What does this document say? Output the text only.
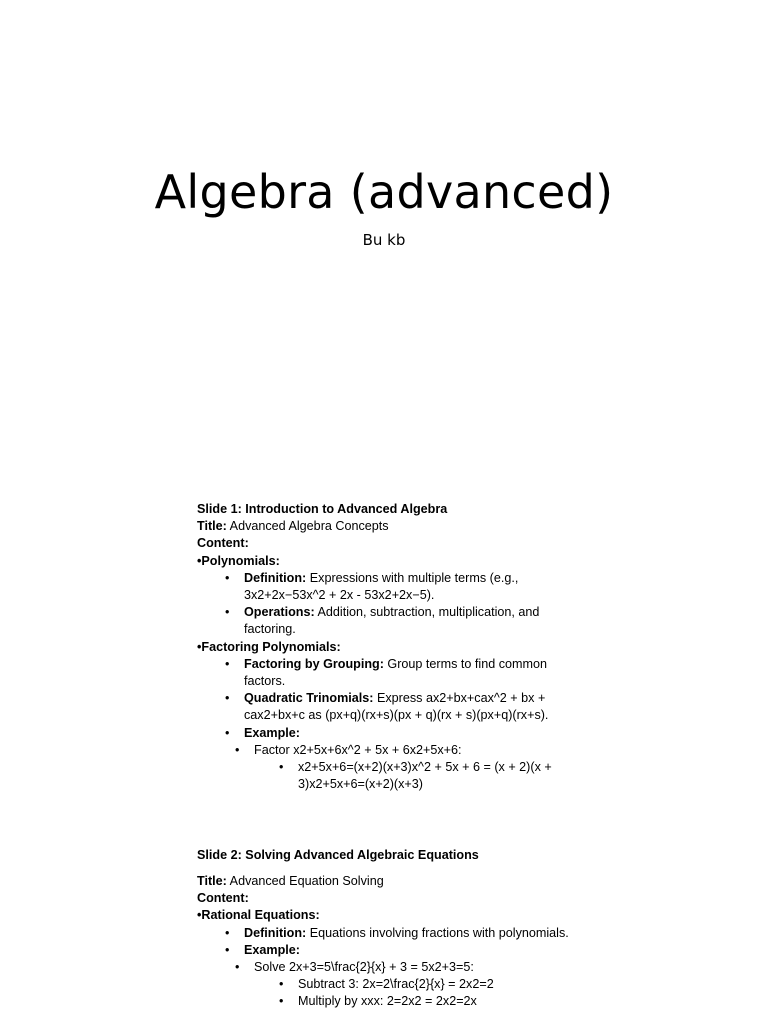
Algebra (advanced)
Bu kb
Slide 1: Introduction to Advanced Algebra
Title: Advanced Algebra Concepts
Content:
•Polynomials:
• Definition: Expressions with multiple terms (e.g., 3x2+2x−53x^2 + 2x - 53x2+2x−5).
• Operations: Addition, subtraction, multiplication, and factoring.
•Factoring Polynomials:
• Factoring by Grouping: Group terms to find common factors.
• Quadratic Trinomials: Express ax2+bx+cax^2 + bx + cax2+bx+c as (px+q)(rx+s)(px + q)(rx + s)(px+q)(rx+s).
• Example:
• Factor x2+5x+6x^2 + 5x + 6x2+5x+6:
• x2+5x+6=(x+2)(x+3)x^2 + 5x + 6 = (x + 2)(x + 3)x2+5x+6=(x+2)(x+3)
Slide 2: Solving Advanced Algebraic Equations
Title: Advanced Equation Solving
Content:
•Rational Equations:
• Definition: Equations involving fractions with polynomials.
• Example:
• Solve 2x+3=5\frac{2}{x} + 3 = 5x2+3=5:
• Subtract 3: 2x=2\frac{2}{x} = 2x2=2
• Multiply by xxx: 2=2x2 = 2x2=2x
